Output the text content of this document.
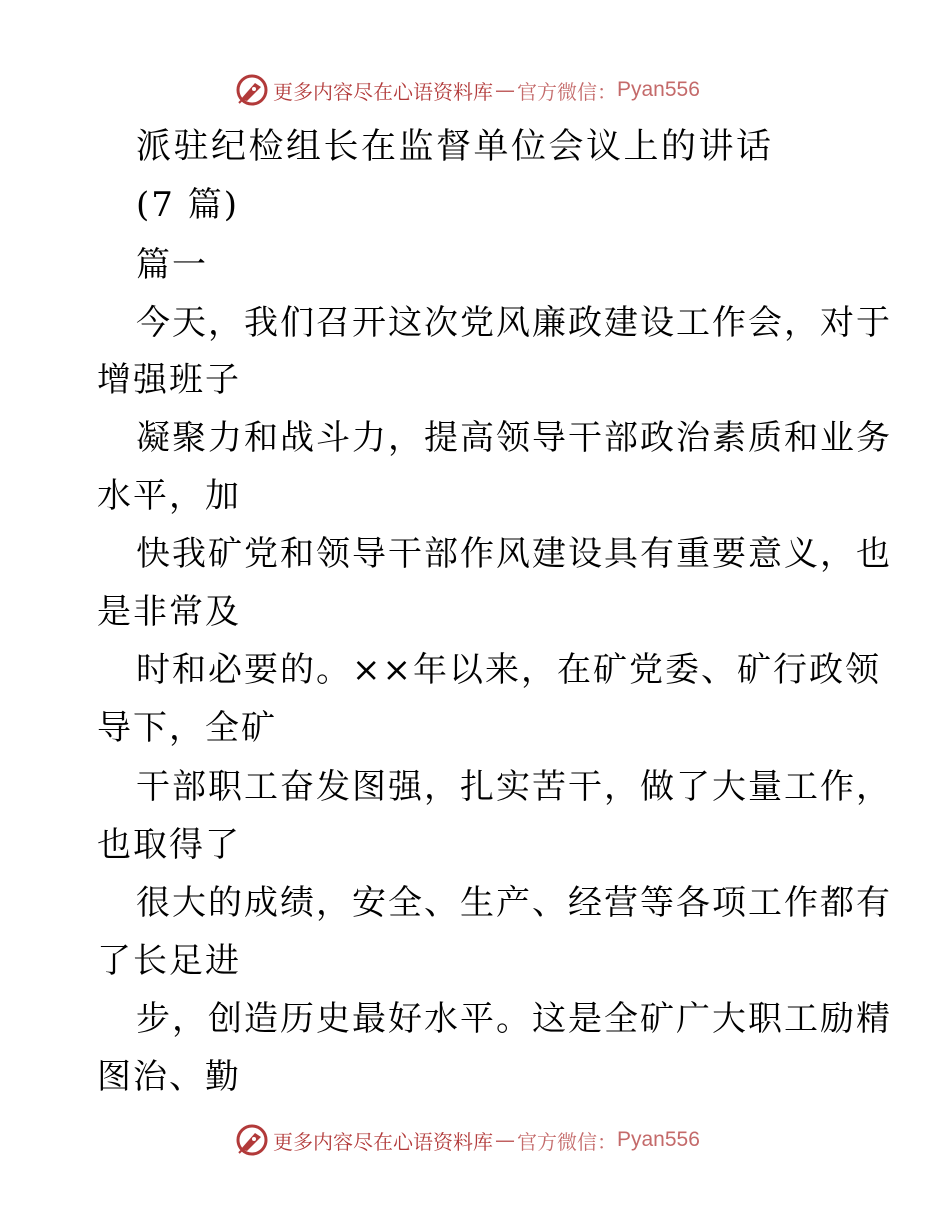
更多内容尽在心语资料库 — 官方微信： Pyan556
派驻纪检组长在监督单位会议上的讲话
(7 篇)
篇一
今天，我们召开这次党风廉政建设工作会，对于
增强班子
凝聚力和战斗力，提高领导干部政治素质和业务
水平，加
快我矿党和领导干部作风建设具有重要意义，也
是非常及
时和必要的。××年以来，在矿党委、矿行政领
导下，全矿
干部职工奋发图强，扎实苦干，做了大量工作，
也取得了
很大的成绩，安全、生产、经营等各项工作都有
了长足进
步，创造历史最好水平。这是全矿广大职工励精
图治、勤
更多内容尽在心语资料库 — 官方微信： Pyan556
